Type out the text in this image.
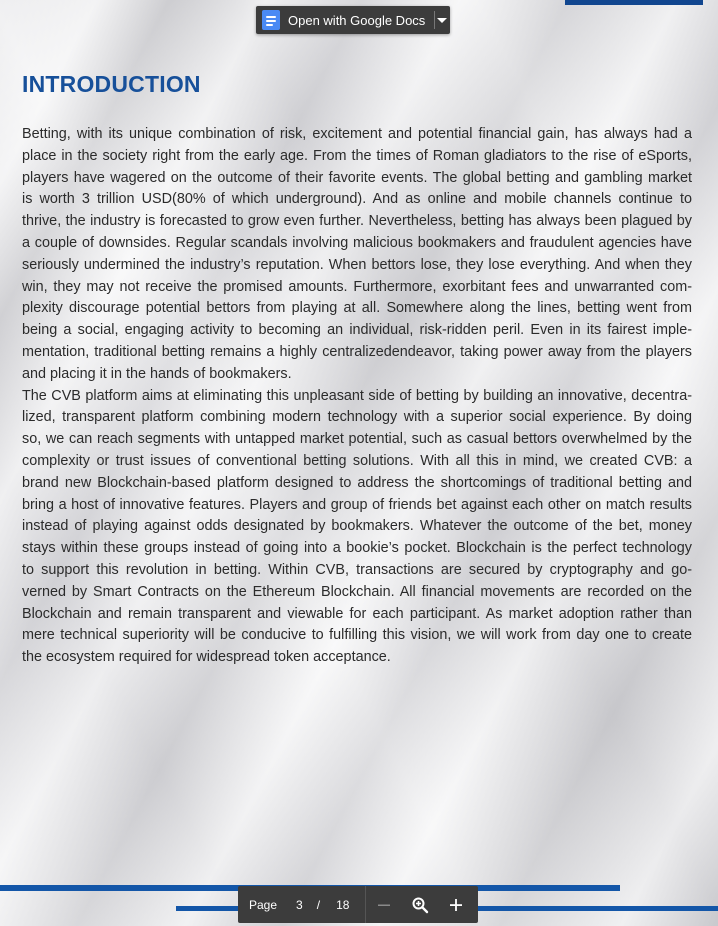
INTRODUCTION
Betting, with its unique combination of risk, excitement and potential financial gain, has always had a
place in the society right from the early age. From the times of Roman gladiators to the rise of eSports,
players have wagered on the outcome of their favorite events. The global betting and gambling market
is worth 3 trillion USD(80% of which underground). And as online and mobile channels continue to
thrive, the industry is forecasted to grow even further. Nevertheless, betting has always been plagued by
a couple of downsides. Regular scandals involving malicious bookmakers and fraudulent agencies have
seriously undermined the industry’s reputation. When bettors lose, they lose everything. And when they
win, they may not receive the promised amounts. Furthermore, exorbitant fees and unwarranted com-
plexity discourage potential bettors from playing at all. Somewhere along the lines, betting went from
being a social, engaging activity to becoming an individual, risk-ridden peril. Even in its fairest imple-
mentation, traditional betting remains a highly centralizedendeavor, taking power away from the players
and placing it in the hands of bookmakers.
The CVB platform aims at eliminating this unpleasant side of betting by building an innovative, decentra-
lized, transparent platform combining modern technology with a superior social experience. By doing
so, we can reach segments with untapped market potential, such as casual bettors overwhelmed by the
complexity or trust issues of conventional betting solutions. With all this in mind, we created CVB: a
brand new Blockchain-based platform designed to address the shortcomings of traditional betting and
bring a host of innovative features. Players and group of friends bet against each other on match results
instead of playing against odds designated by bookmakers. Whatever the outcome of the bet, money
stays within these groups instead of going into a bookie’s pocket. Blockchain is the perfect technology
to support this revolution in betting. Within CVB, transactions are secured by cryptography and go-
verned by Smart Contracts on the Ethereum Blockchain. All financial movements are recorded on the
Blockchain and remain transparent and viewable for each participant. As market adoption rather than
mere technical superiority will be conducive to fulfilling this vision, we will work from day one to create
the ecosystem required for widespread token acceptance.
Open with Google Docs
Page 3 / 18
